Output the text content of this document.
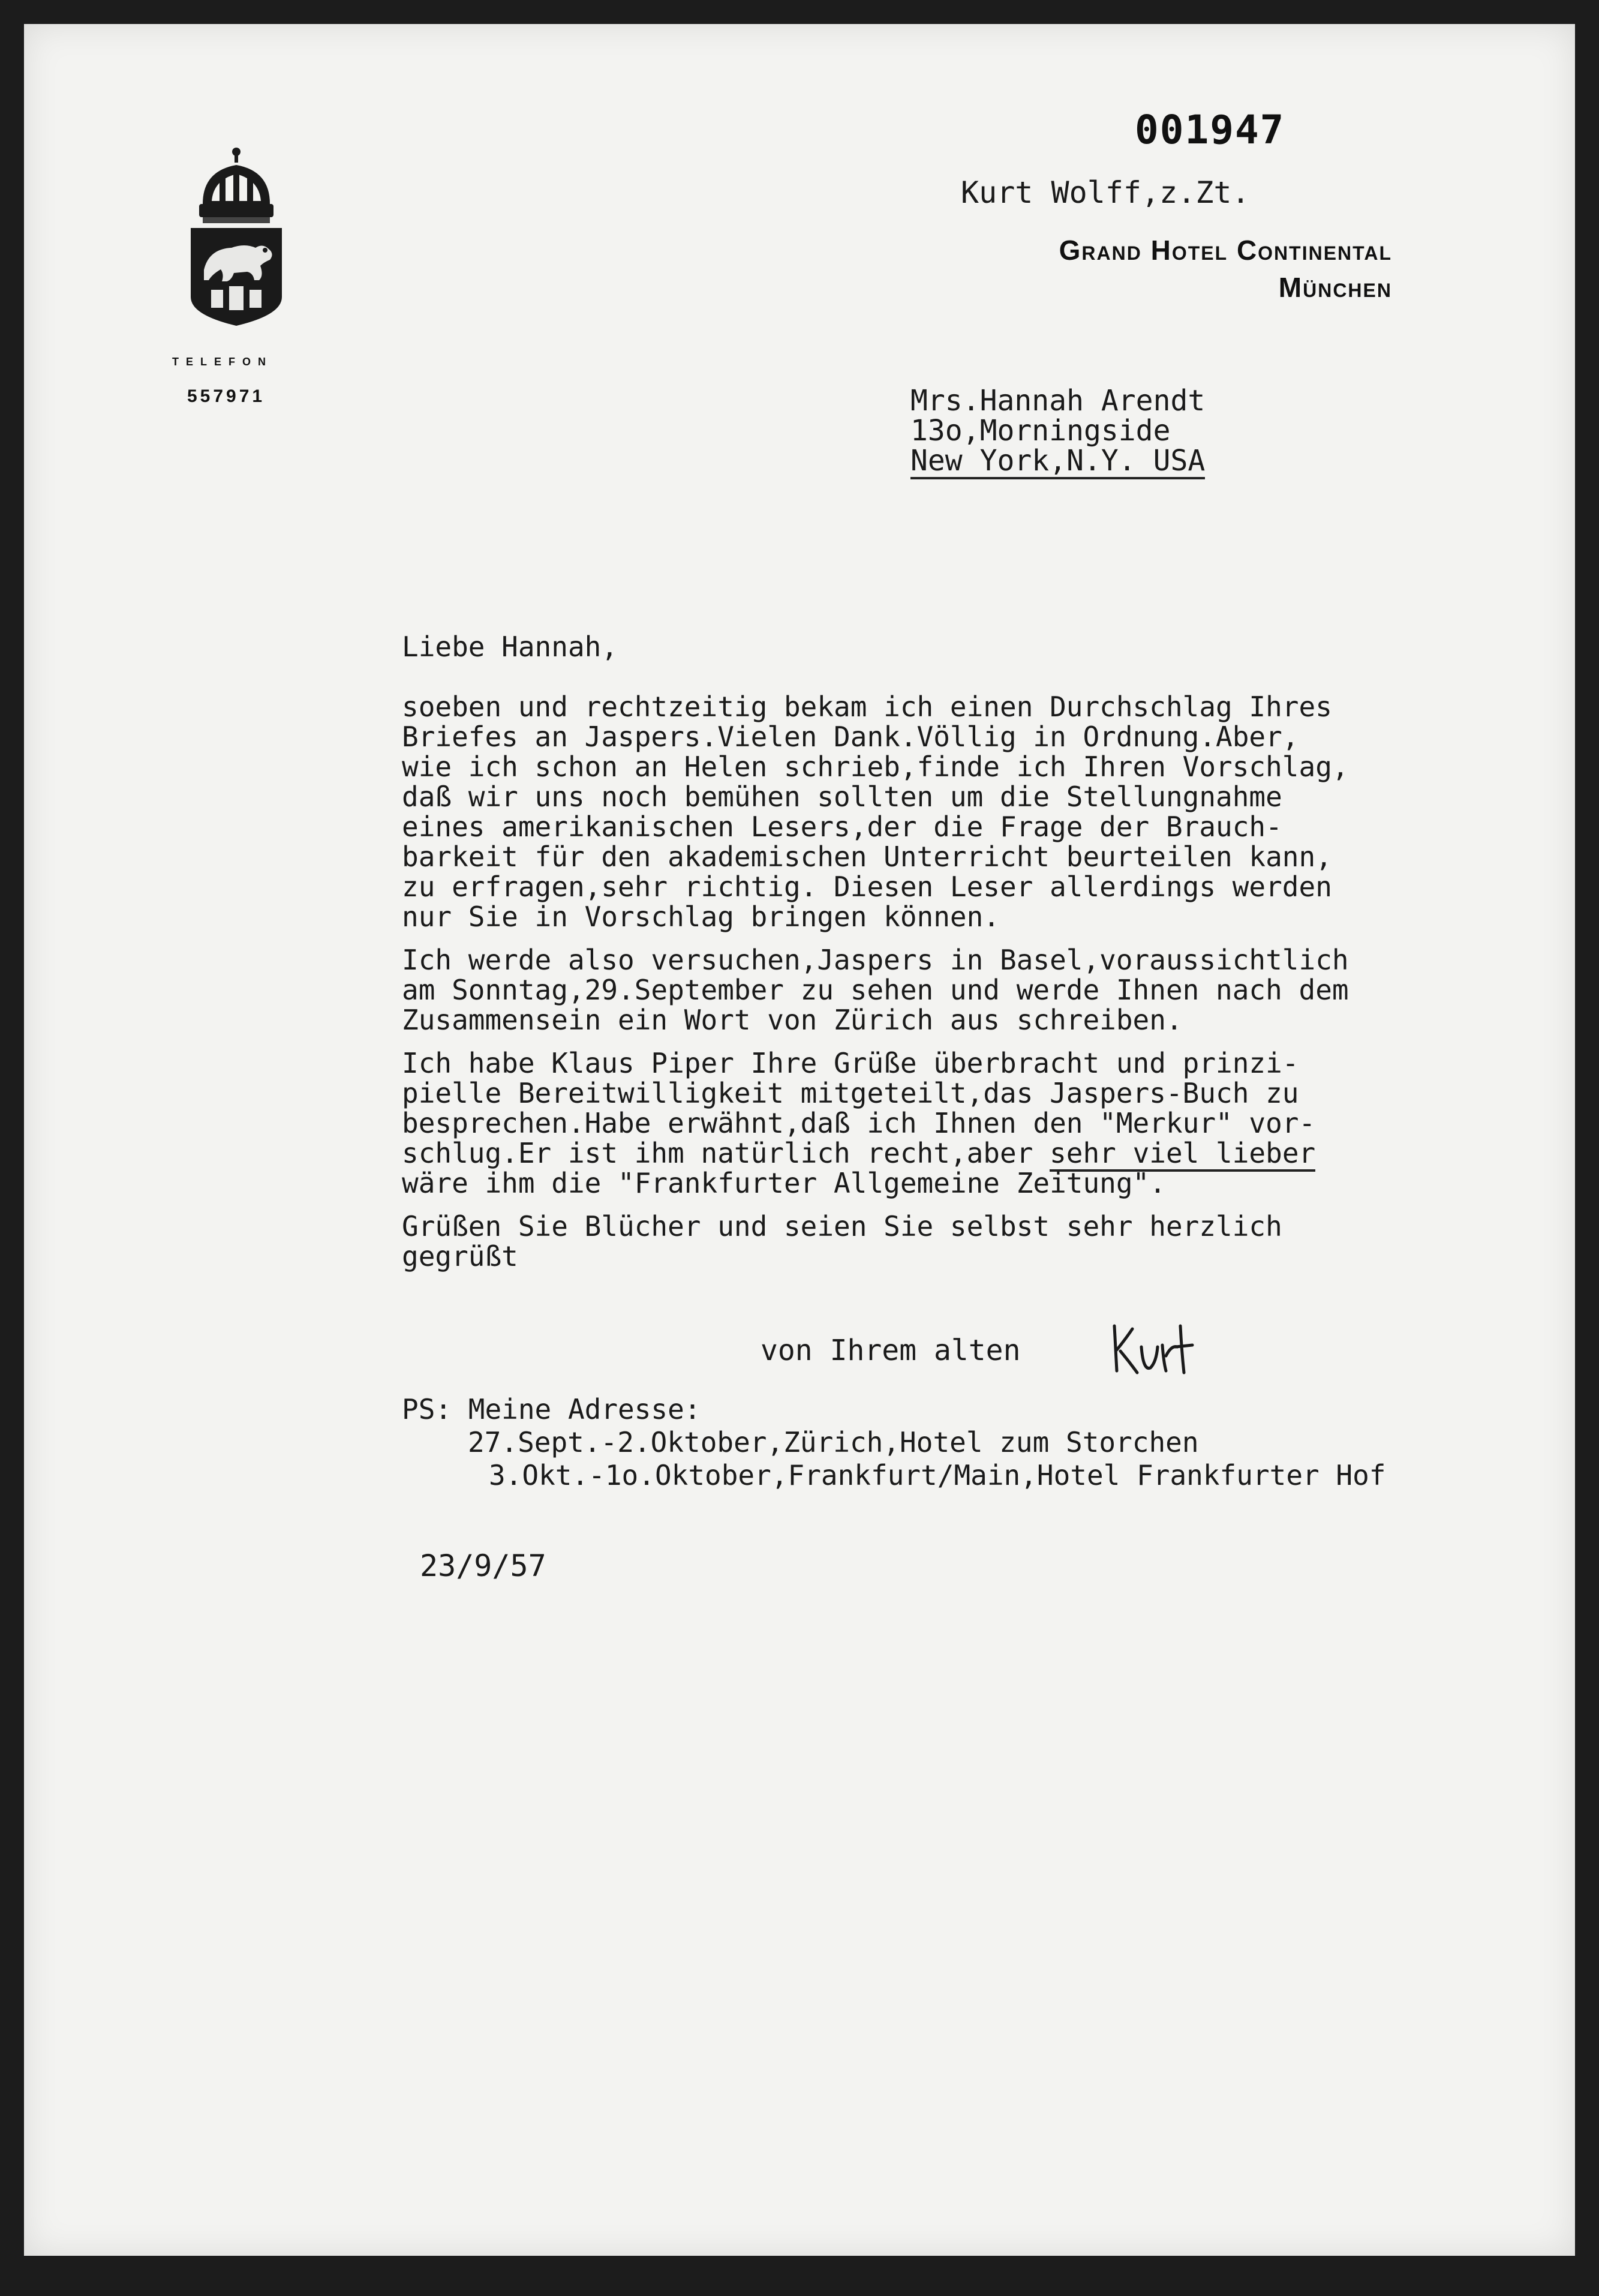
001947
TELEFON
557971
Kurt Wolff,z.Zt.
Grand Hotel Continental
München
Mrs.Hannah Arendt
13o,Morningside
New York,N.Y. USA
Liebe Hannah,
soeben und rechtzeitig bekam ich einen Durchschlag Ihres
Briefes an Jaspers.Vielen Dank.Völlig in Ordnung.Aber,
wie ich schon an Helen schrieb,finde ich Ihren Vorschlag,
daß wir uns noch bemühen sollten um die Stellungnahme
eines amerikanischen Lesers,der die Frage der Brauch-
barkeit für den akademischen Unterricht beurteilen kann,
zu erfragen,sehr richtig. Diesen Leser allerdings werden
nur Sie in Vorschlag bringen können.
Ich werde also versuchen,Jaspers in Basel,voraussichtlich
am Sonntag,29.September zu sehen und werde Ihnen nach dem
Zusammensein ein Wort von Zürich aus schreiben.
Ich habe Klaus Piper Ihre Grüße überbracht und prinzi-
pielle Bereitwilligkeit mitgeteilt,das Jaspers-Buch zu
besprechen.Habe erwähnt,daß ich Ihnen den "Merkur" vor-
schlug.Er ist ihm natürlich recht,aber sehr viel lieber
wäre ihm die "Frankfurter Allgemeine Zeitung".
Grüßen Sie Blücher und seien Sie selbst sehr herzlich
gegrüßt
von Ihrem alten
PS: Meine Adresse:
27.Sept.-2.Oktober,Zürich,Hotel zum Storchen
3.Okt.-1o.Oktober,Frankfurt/Main,Hotel Frankfurter Hof
23/9/57
